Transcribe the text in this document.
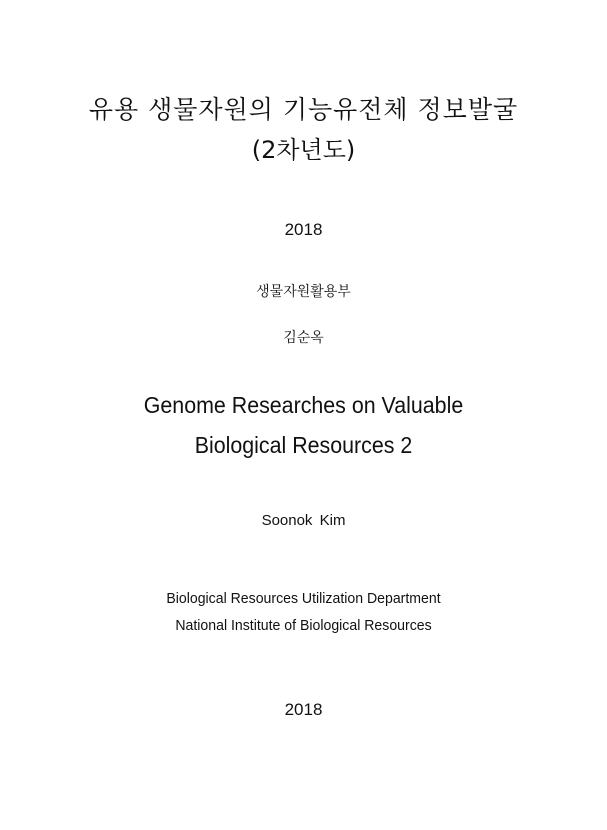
유용 생물자원의 기능유전체 정보발굴
(2차년도)
2018
생물자원활용부
김순옥
Genome Researches on Valuable
Biological Resources 2
Soonok Kim
Biological Resources Utilization Department
National Institute of Biological Resources
2018
